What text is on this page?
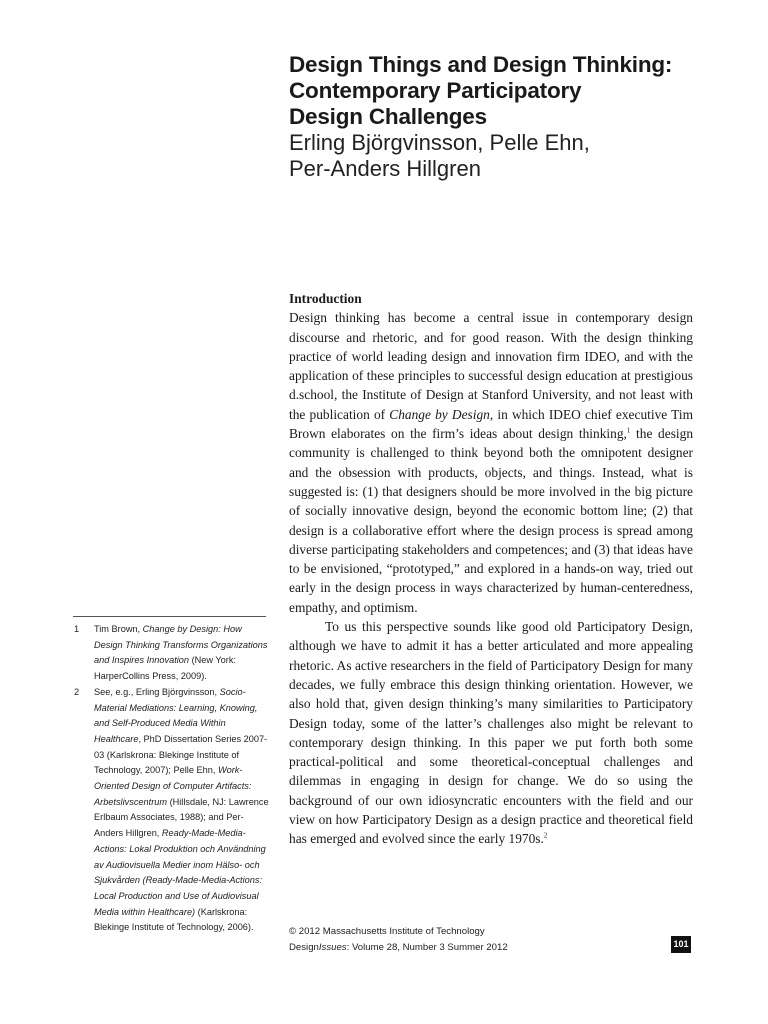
Design Things and Design Thinking:
Contemporary Participatory
Design Challenges

Erling Björgvinsson, Pelle Ehn,
Per-Anders Hillgren

Introduction

Design thinking has become a central issue in contemporary design discourse and rhetoric, and for good reason. With the design thinking practice of world leading design and innovation firm IDEO, and with the application of these principles to successful design education at prestigious d.school, the Institute of Design at Stanford University, and not least with the publication of Change by Design, in which IDEO chief executive Tim Brown elaborates on the firm’s ideas about design thinking,$^1$ the design community is challenged to think beyond both the omnipotent designer and the obsession with products, objects, and things. Instead, what is suggested is: (1) that designers should be more involved in the big picture of socially innovative design, beyond the economic bottom line; (2) that design is a collaborative effort where the design process is spread among diverse participating stakeholders and competences; and (3) that ideas have to be envisioned, “prototyped,” and explored in a hands-on way, tried out early in the design process in ways characterized by human-centeredness, empathy, and optimism.

To us this perspective sounds like good old Participatory Design, although we have to admit it has a better articulated and more appealing rhetoric. As active researchers in the field of Participatory Design for many decades, we fully embrace this design thinking orientation. However, we also hold that, given design thinking’s many similarities to Participatory Design today, some of the latter’s challenges also might be relevant to contemporary design thinking. In this paper we put forth both some practical-political and some theoretical-conceptual challenges and dilemmas in engaging in design for change. We do so using the background of our own idiosyncratic encounters with the field and our view on how Participatory Design as a design practice and theoretical field has emerged and evolved since the early 1970s.$^2$

1	Tim Brown, Change by Design: How Design Thinking Transforms Organizations and Inspires Innovation (New York: HarperCollins Press, 2009).
2	See, e.g., Erling Björgvinsson, Socio-Material Mediations: Learning, Knowing, and Self-Produced Media Within Healthcare, PhD Dissertation Series 2007-03 (Karlskrona: Blekinge Institute of Technology, 2007); Pelle Ehn, Work-Oriented Design of Computer Artifacts: Arbetslivscentrum (Hillsdale, NJ: Lawrence Erlbaum Associates, 1988); and Per-Anders Hillgren, Ready-Made-Media-Actions: Lokal Produktion och Användning av Audiovisuella Medier inom Hälso- och Sjukvården (Ready-Made-Media-Actions: Local Production and Use of Audiovisual Media within Healthcare) (Karlskrona: Blekinge Institute of Technology, 2006).	© 2012 Massachusetts Institute of Technology
DesignIssues: Volume 28, Number 3 Summer 2012	101
